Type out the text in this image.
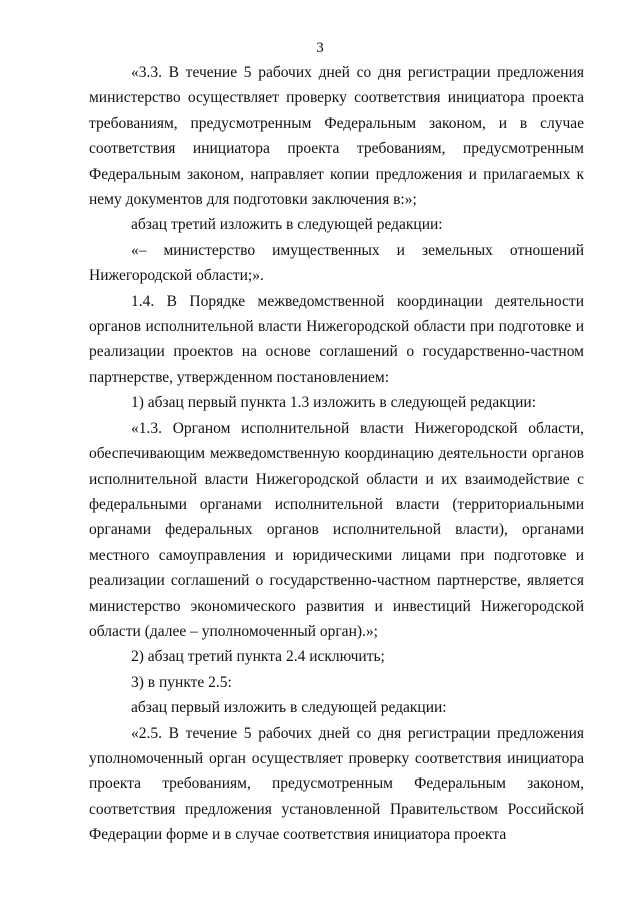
3

«3.3. В течение 5 рабочих дней со дня регистрации предложения министерство осуществляет проверку соответствия инициатора проекта требованиям, предусмотренным Федеральным законом, и в случае соответствия инициатора проекта требованиям, предусмотренным Федеральным законом, направляет копии предложения и прилагаемых к нему документов для подготовки заключения в:»;

абзац третий изложить в следующей редакции:

«– министерство имущественных и земельных отношений Нижегородской области;».

1.4. В Порядке межведомственной координации деятельности органов исполнительной власти Нижегородской области при подготовке и реализации проектов на основе соглашений о государственно-частном партнерстве, утвержденном постановлением:

1) абзац первый пункта 1.3 изложить в следующей редакции:

«1.3. Органом исполнительной власти Нижегородской области, обеспечивающим межведомственную координацию деятельности органов исполнительной власти Нижегородской области и их взаимодействие с федеральными органами исполнительной власти (территориальными органами федеральных органов исполнительной власти), органами местного самоуправления и юридическими лицами при подготовке и реализации соглашений о государственно-частном партнерстве, является министерство экономического развития и инвестиций Нижегородской области (далее – уполномоченный орган).»;

2) абзац третий пункта 2.4 исключить;

3) в пункте 2.5:

абзац первый изложить в следующей редакции:

«2.5. В течение 5 рабочих дней со дня регистрации предложения уполномоченный орган осуществляет проверку соответствия инициатора проекта требованиям, предусмотренным Федеральным законом, соответствия предложения установленной Правительством Российской Федерации форме и в случае соответствия инициатора проекта
